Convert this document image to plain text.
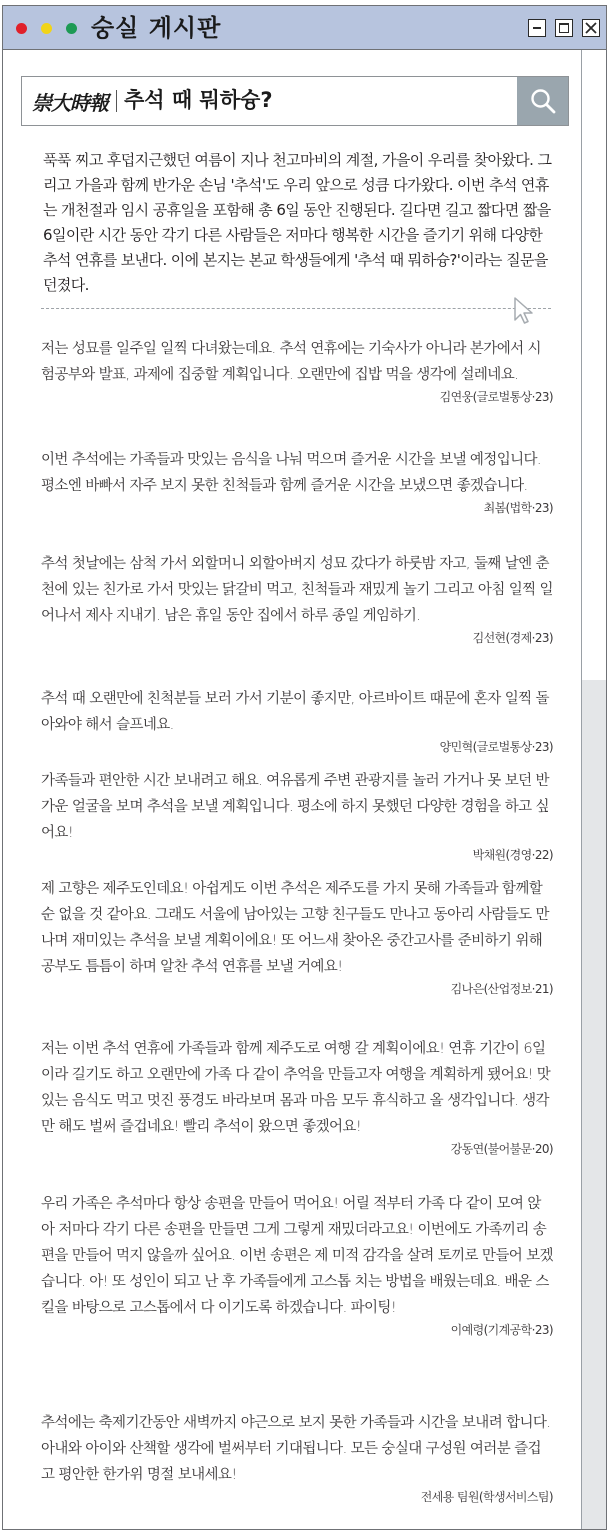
숭실 게시판
崇大時報 추석 때 뭐하슝?

푹푹 찌고 후덥지근했던 여름이 지나 천고마비의 계절, 가을이 우리를 찾아왔다. 그리고 가을과 함께 반가운 손님 '추석'도 우리 앞으로 성큼 다가왔다. 이번 추석 연휴는 개천절과 임시 공휴일을 포함해 총 6일 동안 진행된다. 길다면 길고 짧다면 짧을 6일이란 시간 동안 각기 다른 사람들은 저마다 행복한 시간을 즐기기 위해 다양한 추석 연휴를 보낸다. 이에 본지는 본교 학생들에게 '추석 때 뭐하슝?'이라는 질문을 던졌다.

저는 성묘를 일주일 일찍 다녀왔는데요. 추석 연휴에는 기숙사가 아니라 본가에서 시험공부와 발표, 과제에 집중할 계획입니다. 오랜만에 집밥 먹을 생각에 설레네요.

김연웅(글로벌통상·23)

이번 추석에는 가족들과 맛있는 음식을 나눠 먹으며 즐거운 시간을 보낼 예정입니다. 평소엔 바빠서 자주 보지 못한 친척들과 함께 즐거운 시간을 보냈으면 좋겠습니다.

최봄(법학·23)

추석 첫날에는 삼척 가서 외할머니 외할아버지 성묘 갔다가 하룻밤 자고, 둘째 날엔 춘천에 있는 친가로 가서 맛있는 닭갈비 먹고, 친척들과 재밌게 놀기 그리고 아침 일찍 일어나서 제사 지내기. 남은 휴일 동안 집에서 하루 종일 게임하기.

김선현(경제·23)

추석 때 오랜만에 친척분들 보러 가서 기분이 좋지만, 아르바이트 때문에 혼자 일찍 돌아와야 해서 슬프네요.

양민혁(글로벌통상·23)

가족들과 편안한 시간 보내려고 해요. 여유롭게 주변 관광지를 놀러 가거나 못 보던 반가운 얼굴을 보며 추석을 보낼 계획입니다. 평소에 하지 못했던 다양한 경험을 하고 싶어요!

박채원(경영·22)

제 고향은 제주도인데요! 아쉽게도 이번 추석은 제주도를 가지 못해 가족들과 함께할 순 없을 것 같아요. 그래도 서울에 남아있는 고향 친구들도 만나고 동아리 사람들도 만나며 재미있는 추석을 보낼 계획이에요! 또 어느새 찾아온 중간고사를 준비하기 위해 공부도 틈틈이 하며 알찬 추석 연휴를 보낼 거예요!

김나은(산업정보·21)

저는 이번 추석 연휴에 가족들과 함께 제주도로 여행 갈 계획이에요! 연휴 기간이 6일이라 길기도 하고 오랜만에 가족 다 같이 추억을 만들고자 여행을 계획하게 됐어요! 맛있는 음식도 먹고 멋진 풍경도 바라보며 몸과 마음 모두 휴식하고 올 생각입니다. 생각만 해도 벌써 즐겁네요! 빨리 추석이 왔으면 좋겠어요!

강동연(불어불문·20)

우리 가족은 추석마다 항상 송편을 만들어 먹어요! 어릴 적부터 가족 다 같이 모여 앉아 저마다 각기 다른 송편을 만들면 그게 그렇게 재밌더라고요! 이번에도 가족끼리 송편을 만들어 먹지 않을까 싶어요. 이번 송편은 제 미적 감각을 살려 토끼로 만들어 보겠습니다. 아! 또 성인이 되고 난 후 가족들에게 고스톱 치는 방법을 배웠는데요. 배운 스킬을 바탕으로 고스톱에서 다 이기도록 하겠습니다. 파이팅!

이예령(기계공학·23)

추석에는 축제기간동안 새벽까지 야근으로 보지 못한 가족들과 시간을 보내려 합니다. 아내와 아이와 산책할 생각에 벌써부터 기대됩니다. 모든 숭실대 구성원 여러분 즐겁고 평안한 한가위 명절 보내세요!

전세용 팀원(학생서비스팀)
